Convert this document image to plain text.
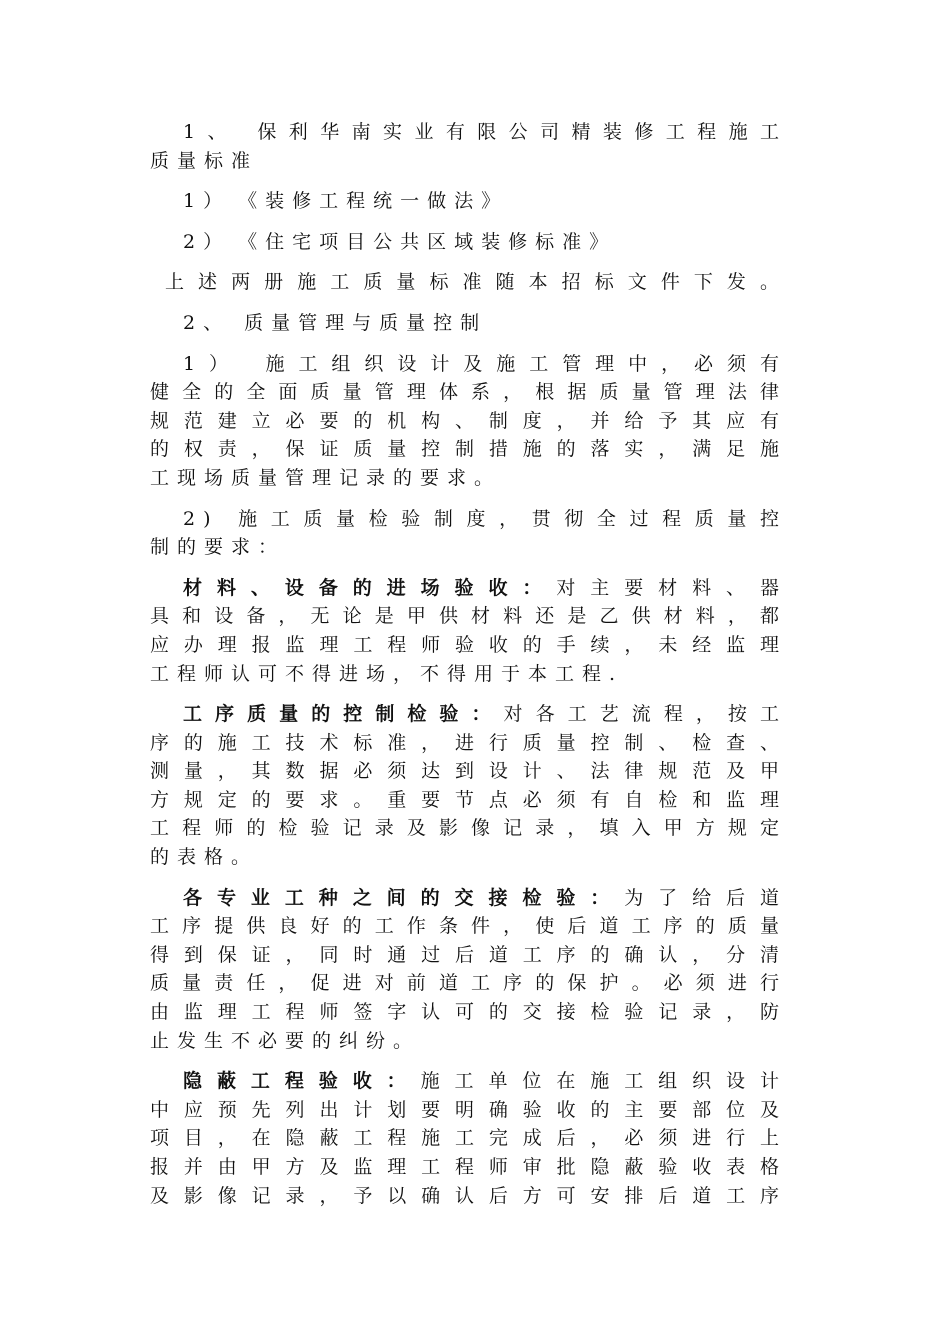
1、 保利华南实业有限公司精装修工程施工
质量标准
1）　《装修工程统一做法》
2）　《住宅项目公共区域装修标准》
上述两册施工质量标准随本招标文件下发。
2、 质量管理与质量控制
1）　施工组织设计及施工管理中，必须有
健全的全面质量管理体系，根据质量管理法律
规范建立必要的机构、制度，并给予其应有
的权责，保证质量控制措施的落实，满足施
工现场质量管理记录的要求。
2) 施工质量检验制度，贯彻全过程质量控
制的要求：
材料、设备的进场验收：对主要材料、器
具和设备，无论是甲供材料还是乙供材料，都
应办理报监理工程师验收的手续，未经监理
工程师认可不得进场，不得用于本工程.
工序质量的控制检验：对各工艺流程，按工
序的施工技术标准，进行质量控制、检查、
测量，其数据必须达到设计、法律规范及甲
方规定的要求。重要节点必须有自检和监理
工程师的检验记录及影像记录，填入甲方规定
的表格。
各专业工种之间的交接检验：为了给后道
工序提供良好的工作条件，使后道工序的质量
得到保证，同时通过后道工序的确认，分清
质量责任，促进对前道工序的保护。必须进行
由监理工程师签字认可的交接检验记录，防
止发生不必要的纠纷。
隐蔽工程验收：施工单位在施工组织设计
中应预先列出计划要明确验收的主要部位及
项目，在隐蔽工程施工完成后，必须进行上
报并由甲方及监理工程师审批隐蔽验收表格
及影像记录，予以确认后方可安排后道工序
